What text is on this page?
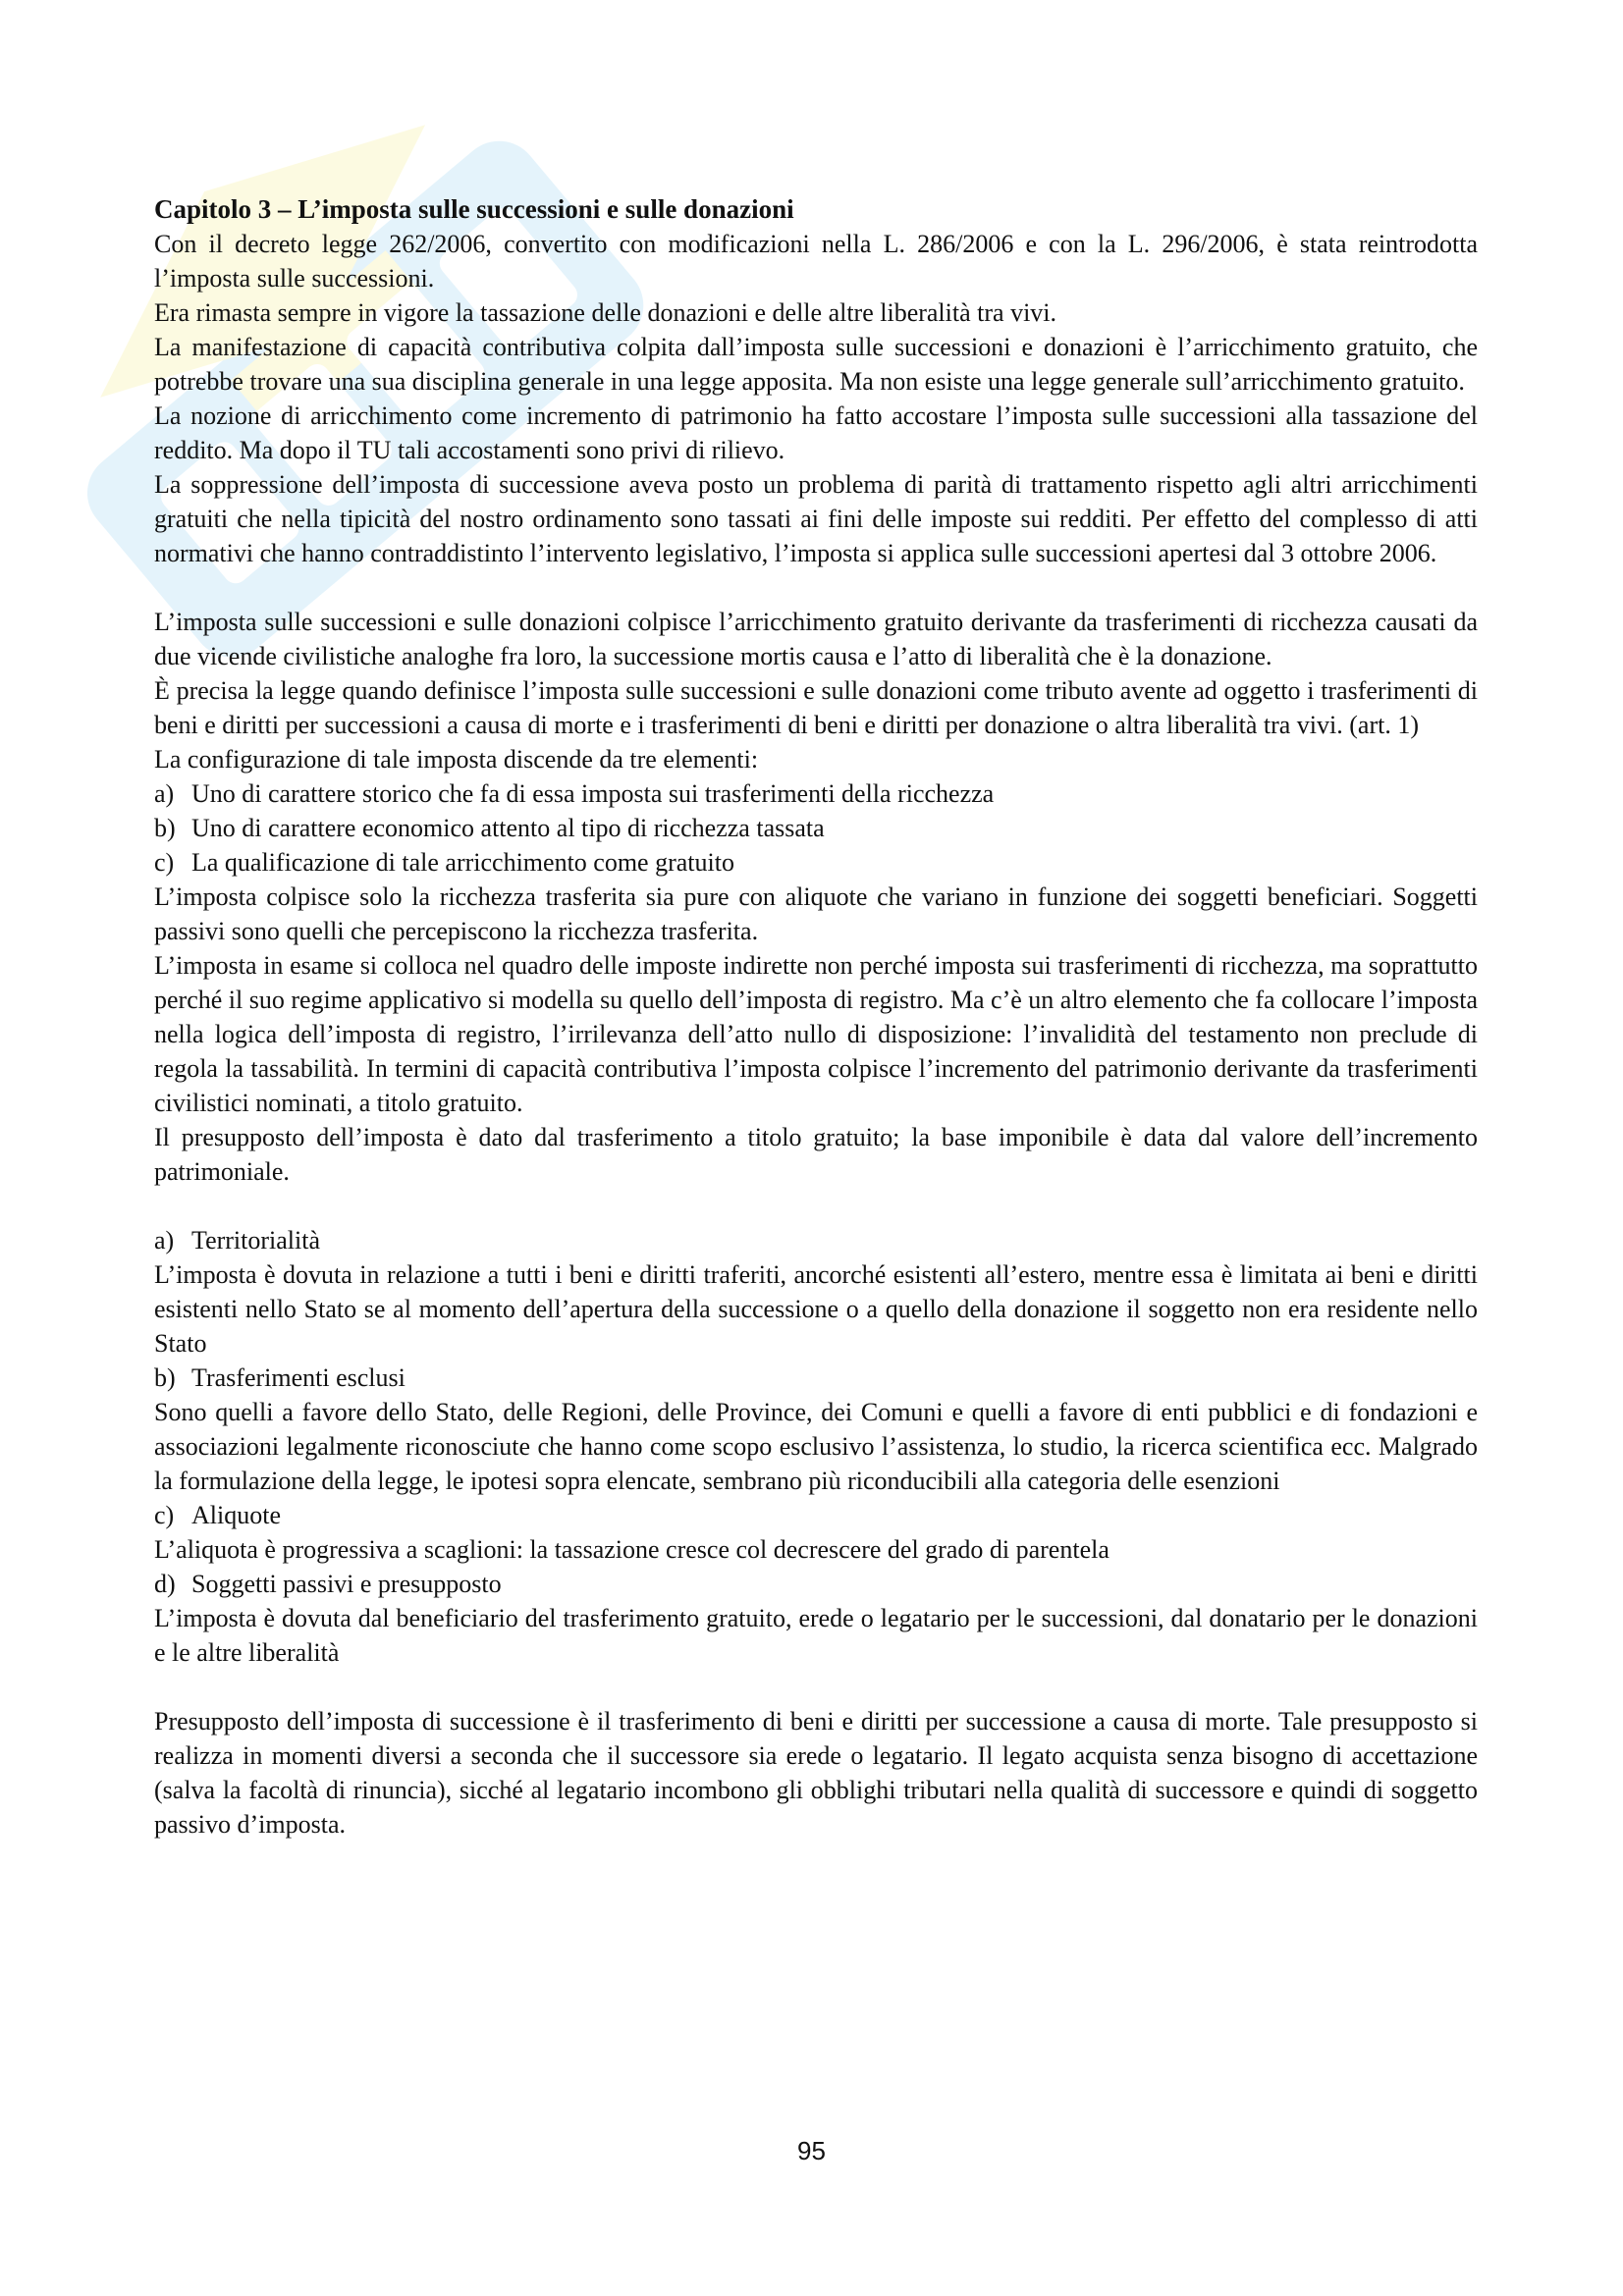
Capitolo 3 – L’imposta sulle successioni e sulle donazioni

Con il decreto legge 262/2006, convertito con modificazioni nella L. 286/2006 e con la L. 296/2006, è stata reintrodotta l’imposta sulle successioni.

Era rimasta sempre in vigore la tassazione delle donazioni e delle altre liberalità tra vivi.

La manifestazione di capacità contributiva colpita dall’imposta sulle successioni e donazioni è l’arricchimento gratuito, che potrebbe trovare una sua disciplina generale in una legge apposita. Ma non esiste una legge generale sull’arricchimento gratuito.

La nozione di arricchimento come incremento di patrimonio ha fatto accostare l’imposta sulle successioni alla tassazione del reddito. Ma dopo il TU tali accostamenti sono privi di rilievo.

La soppressione dell’imposta di successione aveva posto un problema di parità di trattamento rispetto agli altri arricchimenti gratuiti che nella tipicità del nostro ordinamento sono tassati ai fini delle imposte sui redditi. Per effetto del complesso di atti normativi che hanno contraddistinto l’intervento legislativo, l’imposta si applica sulle successioni apertesi dal 3 ottobre 2006.

L’imposta sulle successioni e sulle donazioni colpisce l’arricchimento gratuito derivante da trasferimenti di ricchezza causati da due vicende civilistiche analoghe fra loro, la successione mortis causa e l’atto di liberalità che è la donazione.

È precisa la legge quando definisce l’imposta sulle successioni e sulle donazioni come tributo avente ad oggetto i trasferimenti di beni e diritti per successioni a causa di morte e i trasferimenti di beni e diritti per donazione o altra liberalità tra vivi. (art. 1)

La configurazione di tale imposta discende da tre elementi:

a) Uno di carattere storico che fa di essa imposta sui trasferimenti della ricchezza
b) Uno di carattere economico attento al tipo di ricchezza tassata
c) La qualificazione di tale arricchimento come gratuito

L’imposta colpisce solo la ricchezza trasferita sia pure con aliquote che variano in funzione dei soggetti beneficiari. Soggetti passivi sono quelli che percepiscono la ricchezza trasferita.

L’imposta in esame si colloca nel quadro delle imposte indirette non perché imposta sui trasferimenti di ricchezza, ma soprattutto perché il suo regime applicativo si modella su quello dell’imposta di registro. Ma c’è un altro elemento che fa collocare l’imposta nella logica dell’imposta di registro, l’irrilevanza dell’atto nullo di disposizione: l’invalidità del testamento non preclude di regola la tassabilità. In termini di capacità contributiva l’imposta colpisce l’incremento del patrimonio derivante da trasferimenti civilistici nominati, a titolo gratuito.

Il presupposto dell’imposta è dato dal trasferimento a titolo gratuito; la base imponibile è data dal valore dell’incremento patrimoniale.

a) Territorialità

L’imposta è dovuta in relazione a tutti i beni e diritti traferiti, ancorché esistenti all’estero, mentre essa è limitata ai beni e diritti esistenti nello Stato se al momento dell’apertura della successione o a quello della donazione il soggetto non era residente nello Stato

b) Trasferimenti esclusi

Sono quelli a favore dello Stato, delle Regioni, delle Province, dei Comuni e quelli a favore di enti pubblici e di fondazioni e associazioni legalmente riconosciute che hanno come scopo esclusivo l’assistenza, lo studio, la ricerca scientifica ecc. Malgrado la formulazione della legge, le ipotesi sopra elencate, sembrano più riconducibili alla categoria delle esenzioni

c) Aliquote

L’aliquota è progressiva a scaglioni: la tassazione cresce col decrescere del grado di parentela

d) Soggetti passivi e presupposto

L’imposta è dovuta dal beneficiario del trasferimento gratuito, erede o legatario per le successioni, dal donatario per le donazioni e le altre liberalità

Presupposto dell’imposta di successione è il trasferimento di beni e diritti per successione a causa di morte. Tale presupposto si realizza in momenti diversi a seconda che il successore sia erede o legatario. Il legato acquista senza bisogno di accettazione (salva la facoltà di rinuncia), sicché al legatario incombono gli obblighi tributari nella qualità di successore e quindi di soggetto passivo d’imposta.

95
